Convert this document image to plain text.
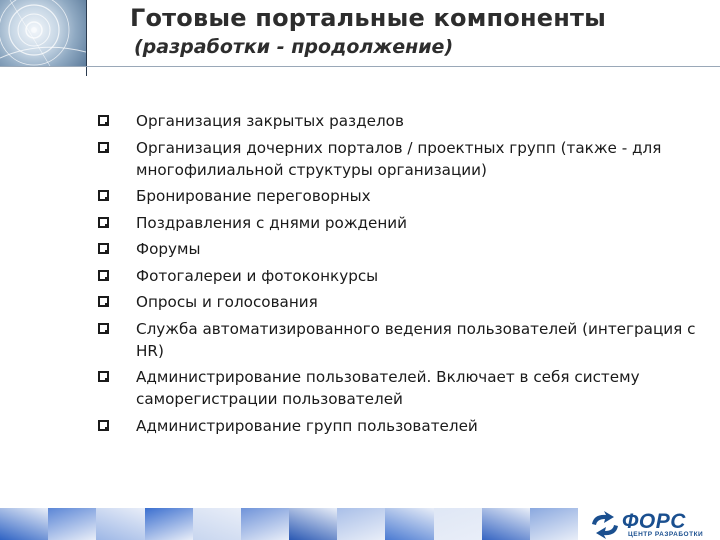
Готовые портальные компоненты
(разработки - продолжение)
Организация закрытых разделов
Организация дочерних порталов / проектных групп (также - для многофилиальной структуры организации)
Бронирование переговорных
Поздравления с днями рождений
Форумы
Фотогалереи и фотоконкурсы
Опросы и голосования
Служба автоматизированного ведения пользователей (интеграция с HR)
Администрирование пользователей. Включает в себя систему саморегистрации пользователей
Администрирование групп пользователей
ФОРС
ЦЕНТР РАЗРАБОТКИ
